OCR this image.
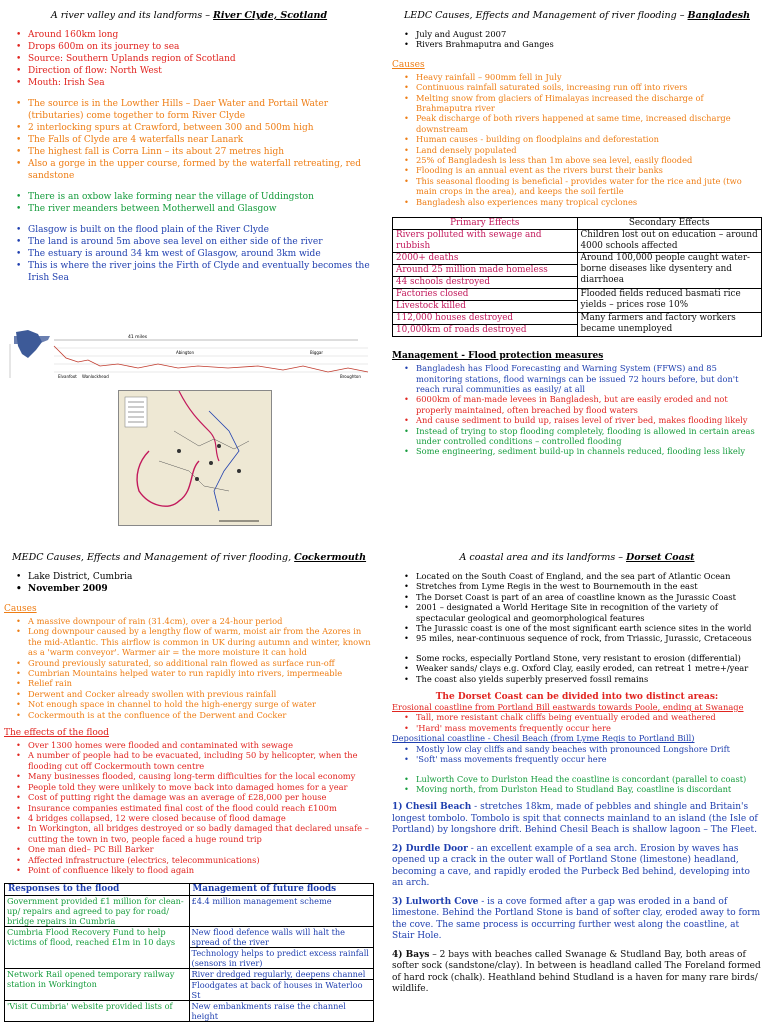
A river valley and its landforms – River Clyde, Scotland
• Around 160km long
• Drops 600m on its journey to sea
• Source: Southern Uplands region of Scotland
• Direction of flow: North West
• Mouth: Irish Sea
• The source is in the Lowther Hills – Daer Water and Portail Water (tributaries) come together to form River Clyde
• 2 interlocking spurs at Crawford, between 300 and 500m high
• The Falls of Clyde are 4 waterfalls near Lanark
• The highest fall is Corra Linn – its about 27 metres high
• Also a gorge in the upper course, formed by the waterfall retreating, red sandstone
• There is an oxbow lake forming near the village of Uddingston
• The river meanders between Motherwell and Glasgow
• Glasgow is built on the flood plain of the River Clyde
• The land is around 5m above sea level on either side of the river
• The estuary is around 34 km west of Glasgow, around 3km wide
• This is where the river joins the Firth of Clyde and eventually becomes the Irish Sea
41 miles
Abington	Biggar
Elvanfoot Wanlockhead	Broughton
MEDC Causes, Effects and Management of river flooding, Cockermouth
• Lake District, Cumbria
• November 2009
Causes
• A massive downpour of rain (31.4cm), over a 24-hour period
• Long downpour caused by a lengthy flow of warm, moist air from the Azores in the mid-Atlantic. This airflow is common in UK during autumn and winter, known as a 'warm conveyor'. Warmer air = the more moisture it can hold
• Ground previously saturated, so additional rain flowed as surface run-off
• Cumbrian Mountains helped water to run rapidly into rivers, impermeable
• Relief rain
• Derwent and Cocker already swollen with previous rainfall
• Not enough space in channel to hold the high-energy surge of water
• Cockermouth is at the confluence of the Derwent and Cocker
The effects of the flood
• Over 1300 homes were flooded and contaminated with sewage
• A number of people had to be evacuated, including 50 by helicopter, when the flooding cut off Cockermouth town centre
• Many businesses flooded, causing long-term difficulties for the local economy
• People told they were unlikely to move back into damaged homes for a year
• Cost of putting right the damage was an average of £28,000 per house
• Insurance companies estimated final cost of the flood could reach £100m
• 4 bridges collapsed, 12 were closed because of flood damage
• In Workington, all bridges destroyed or so badly damaged that declared unsafe – cutting the town in two, people faced a huge round trip
• One man died– PC Bill Barker
• Affected infrastructure (electrics, telecommunications)
• Point of confluence likely to flood again
Responses to the flood	Management of future floods
Government provided £1 million for clean-up/ repairs and agreed to pay for road/ bridge repairs in Cumbria	£4.4 million management scheme
Cumbria Flood Recovery Fund to help victims of flood, reached £1m in 10 days	New flood defence walls will halt the spread of the river
	Technology helps to predict excess rainfall (sensors in river)
Network Rail opened temporary railway station in Workington	River dredged regularly, deepens channel
	Floodgates at back of houses in Waterloo St
'Visit Cumbria' website provided lists of	New embankments raise the channel height
LEDC Causes, Effects and Management of river flooding – Bangladesh
• July and August 2007
• Rivers Brahmaputra and Ganges
Causes
• Heavy rainfall – 900mm fell in July
• Continuous rainfall saturated soils, increasing run off into rivers
• Melting snow from glaciers of Himalayas increased the discharge of Brahmaputra river
• Peak discharge of both rivers happened at same time, increased discharge downstream
• Human causes - building on floodplains and deforestation
• Land densely populated
• 25% of Bangladesh is less than 1m above sea level, easily flooded
• Flooding is an annual event as the rivers burst their banks
• This seasonal flooding is beneficial - provides water for the rice and jute (two main crops in the area), and keeps the soil fertile
• Bangladesh also experiences many tropical cyclones
Primary Effects	Secondary Effects

Rivers polluted with sewage and rubbish	Children lost out on education – around 4000 schools affected

2000+ deaths	Around 100,000 people caught water-borne diseases like dysentery and diarrhoea
Around 25 million made homeless	
44 schools destroyed	
Factories closed	Flooded fields reduced basmati rice yields – prices rose 10%
Livestock killed	
112,000 houses destroyed	Many farmers and factory workers became unemployed
10,000km of roads destroyed	
Management - Flood protection measures
• Bangladesh has Flood Forecasting and Warning System (FFWS) and 85 monitoring stations, flood warnings can be issued 72 hours before, but don't reach rural communities as easily/ at all
• 6000km of man-made levees in Bangladesh, but are easily eroded and not properly maintained, often breached by flood waters
• And cause sediment to build up, raises level of river bed, makes flooding likely
• Instead of trying to stop flooding completely, flooding is allowed in certain areas under controlled conditions – controlled flooding
• Some engineering, sediment build-up in channels reduced, flooding less likely
A coastal area and its landforms – Dorset Coast
• Located on the South Coast of England, and the sea part of Atlantic Ocean
• Stretches from Lyme Regis in the west to Bournemouth in the east
• The Dorset Coast is part of an area of coastline known as the Jurassic Coast
• 2001 – designated a World Heritage Site in recognition of the variety of spectacular geological and geomorphological features
• The Jurassic coast is one of the most significant earth science sites in the world
• 95 miles, near-continuous sequence of rock, from Triassic, Jurassic, Cretaceous
• Some rocks, especially Portland Stone, very resistant to erosion (differential)
• Weaker sands/ clays e.g. Oxford Clay, easily eroded, can retreat 1 metre+/year
• The coast also yields superbly preserved fossil remains
The Dorset Coast can be divided into two distinct areas:
Erosional coastline from Portland Bill eastwards towards Poole, ending at Swanage
• Tall, more resistant chalk cliffs being eventually eroded and weathered
• 'Hard' mass movements frequently occur here
Depositional coastline - Chesil Beach (from Lyme Regis to Portland Bill)
• Mostly low clay cliffs and sandy beaches with pronounced Longshore Drift
• 'Soft' mass movements frequently occur here
• Lulworth Cove to Durlston Head the coastline is concordant (parallel to coast)
• Moving north, from Durlston Head to Studland Bay, coastline is discordant

1) Chesil Beach - stretches 18km, made of pebbles and shingle and Britain's longest tombolo. Tombolo is spit that connects mainland to an island (the Isle of Portland) by longshore drift. Behind Chesil Beach is shallow lagoon – The Fleet.

2) Durdle Door - an excellent example of a sea arch. Erosion by waves has opened up a crack in the outer wall of Portland Stone (limestone) headland, becoming a cave, and rapidly eroded the Purbeck Bed behind, developing into an arch.

3) Lulworth Cove - is a cove formed after a gap was eroded in a band of limestone. Behind the Portland Stone is band of softer clay, eroded away to form the cove. The same process is occurring further west along the coastline, at Stair Hole.

4) Bays – 2 bays with beaches called Swanage & Studland Bay, both areas of softer sock (sandstone/clay). In between is headland called The Foreland formed of hard rock (chalk). Heathland behind Studland is a haven for many rare birds/ wildlife.
